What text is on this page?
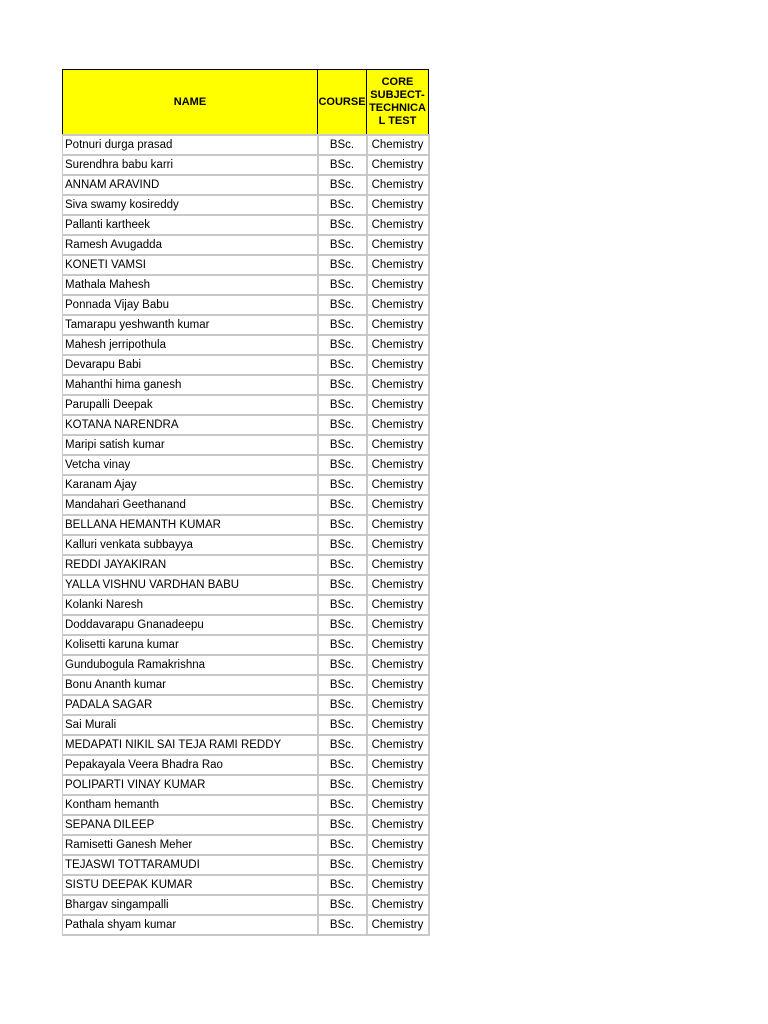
NAME	COURSE	CORE SUBJECT-TECHNICAL TEST
Potnuri durga prasad	BSc.	Chemistry
Surendhra babu karri	BSc.	Chemistry
ANNAM ARAVIND	BSc.	Chemistry
Siva swamy kosireddy	BSc.	Chemistry
Pallanti kartheek	BSc.	Chemistry
Ramesh Avugadda	BSc.	Chemistry
KONETI VAMSI	BSc.	Chemistry
Mathala Mahesh	BSc.	Chemistry
Ponnada Vijay Babu	BSc.	Chemistry
Tamarapu yeshwanth kumar	BSc.	Chemistry
Mahesh jerripothula	BSc.	Chemistry
Devarapu Babi	BSc.	Chemistry
Mahanthi hima ganesh	BSc.	Chemistry
Parupalli Deepak	BSc.	Chemistry
KOTANA NARENDRA	BSc.	Chemistry
Maripi satish kumar	BSc.	Chemistry
Vetcha vinay	BSc.	Chemistry
Karanam Ajay	BSc.	Chemistry
Mandahari Geethanand	BSc.	Chemistry
BELLANA HEMANTH KUMAR	BSc.	Chemistry
Kalluri venkata subbayya	BSc.	Chemistry
REDDI JAYAKIRAN	BSc.	Chemistry
YALLA VISHNU VARDHAN BABU	BSc.	Chemistry
Kolanki Naresh	BSc.	Chemistry
Doddavarapu Gnanadeepu	BSc.	Chemistry
Kolisetti karuna kumar	BSc.	Chemistry
Gundubogula Ramakrishna	BSc.	Chemistry
Bonu Ananth kumar	BSc.	Chemistry
PADALA SAGAR	BSc.	Chemistry
Sai Murali	BSc.	Chemistry
MEDAPATI NIKIL SAI TEJA RAMI REDDY	BSc.	Chemistry
Pepakayala Veera Bhadra Rao	BSc.	Chemistry
POLIPARTI VINAY KUMAR	BSc.	Chemistry
Kontham hemanth	BSc.	Chemistry
SEPANA DILEEP	BSc.	Chemistry
Ramisetti Ganesh Meher	BSc.	Chemistry
TEJASWI TOTTARAMUDI	BSc.	Chemistry
SISTU DEEPAK KUMAR	BSc.	Chemistry
Bhargav singampalli	BSc.	Chemistry
Pathala shyam kumar	BSc.	Chemistry
